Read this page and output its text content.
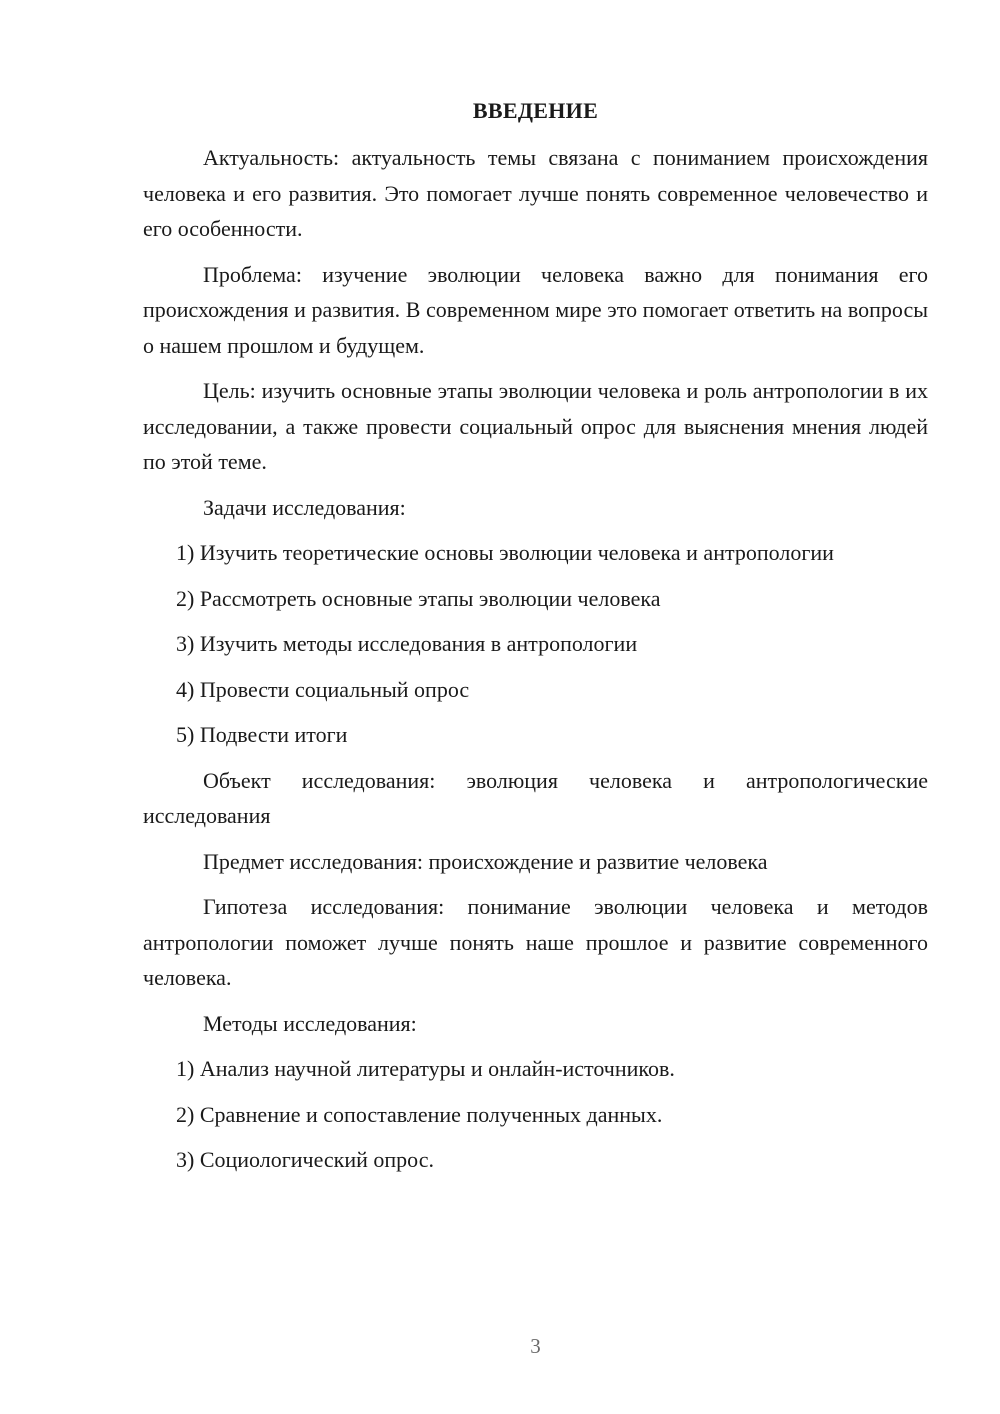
ВВЕДЕНИЕ

Актуальность: актуальность темы связана с пониманием происхождения человека и его развития. Это помогает лучше понять современное человечество и его особенности.

Проблема: изучение эволюции человека важно для понимания его происхождения и развития. В современном мире это помогает ответить на вопросы о нашем прошлом и будущем.

Цель: изучить основные этапы эволюции человека и роль антропологии в их исследовании, а также провести социальный опрос для выяснения мнения людей по этой теме.

Задачи исследования:

1) Изучить теоретические основы эволюции человека и антропологии
2) Рассмотреть основные этапы эволюции человека
3) Изучить методы исследования в антропологии
4) Провести социальный опрос
5) Подвести итоги

Объект исследования: эволюция человека и антропологические исследования

Предмет исследования: происхождение и развитие человека

Гипотеза исследования: понимание эволюции человека и методов антропологии поможет лучше понять наше прошлое и развитие современного человека.

Методы исследования:

1) Анализ научной литературы и онлайн-источников.
2) Сравнение и сопоставление полученных данных.
3) Социологический опрос.
3
